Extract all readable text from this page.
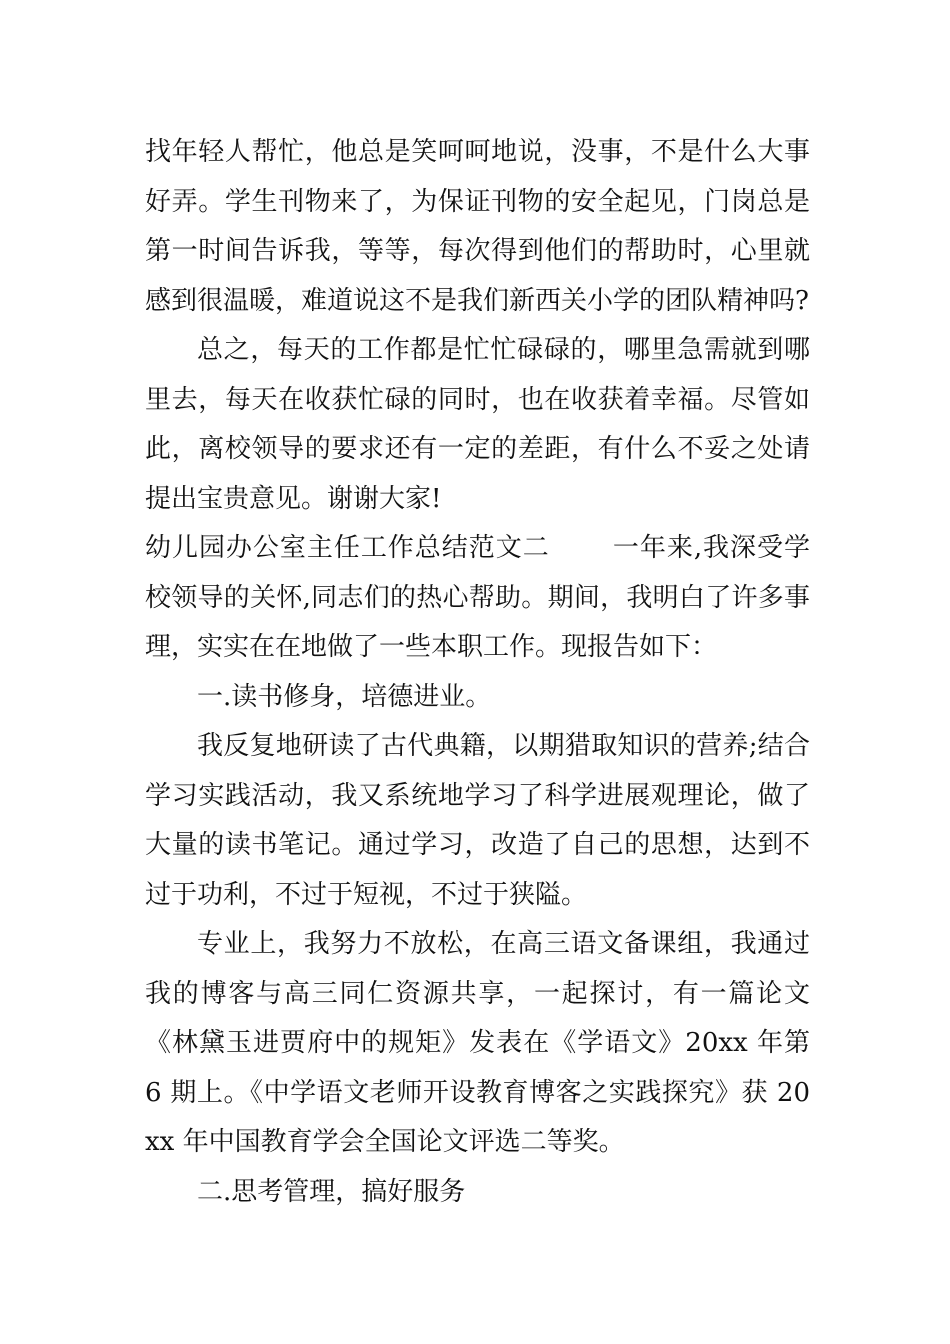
找年轻人帮忙，他总是笑呵呵地说，没事，不是什么大事好弄。学生刊物来了，为保证刊物的安全起见，门岗总是第一时间告诉我，等等，每次得到他们的帮助时，心里就感到很温暖，难道说这不是我们新西关小学的团队精神吗?

总之，每天的工作都是忙忙碌碌的，哪里急需就到哪里去，每天在收获忙碌的同时，也在收获着幸福。尽管如此，离校领导的要求还有一定的差距，有什么不妥之处请提出宝贵意见。谢谢大家!

幼儿园办公室主任工作总结范文二　　 一年来,我深受学校领导的关怀,同志们的热心帮助。期间，我明白了许多事理，实实在在地做了一些本职工作。现报告如下：

一.读书修身，培德进业。

我反复地研读了古代典籍，以期猎取知识的营养;结合学习实践活动，我又系统地学习了科学进展观理论，做了大量的读书笔记。通过学习，改造了自己的思想，达到不过于功利，不过于短视，不过于狭隘。

专业上，我努力不放松，在高三语文备课组，我通过我的博客与高三同仁资源共享，一起探讨，有一篇论文《林黛玉进贾府中的规矩》发表在《学语文》20xx 年第 6 期上。《中学语文老师开设教育博客之实践探究》获 20xx 年中国教育学会全国论文评选二等奖。

二.思考管理，搞好服务
